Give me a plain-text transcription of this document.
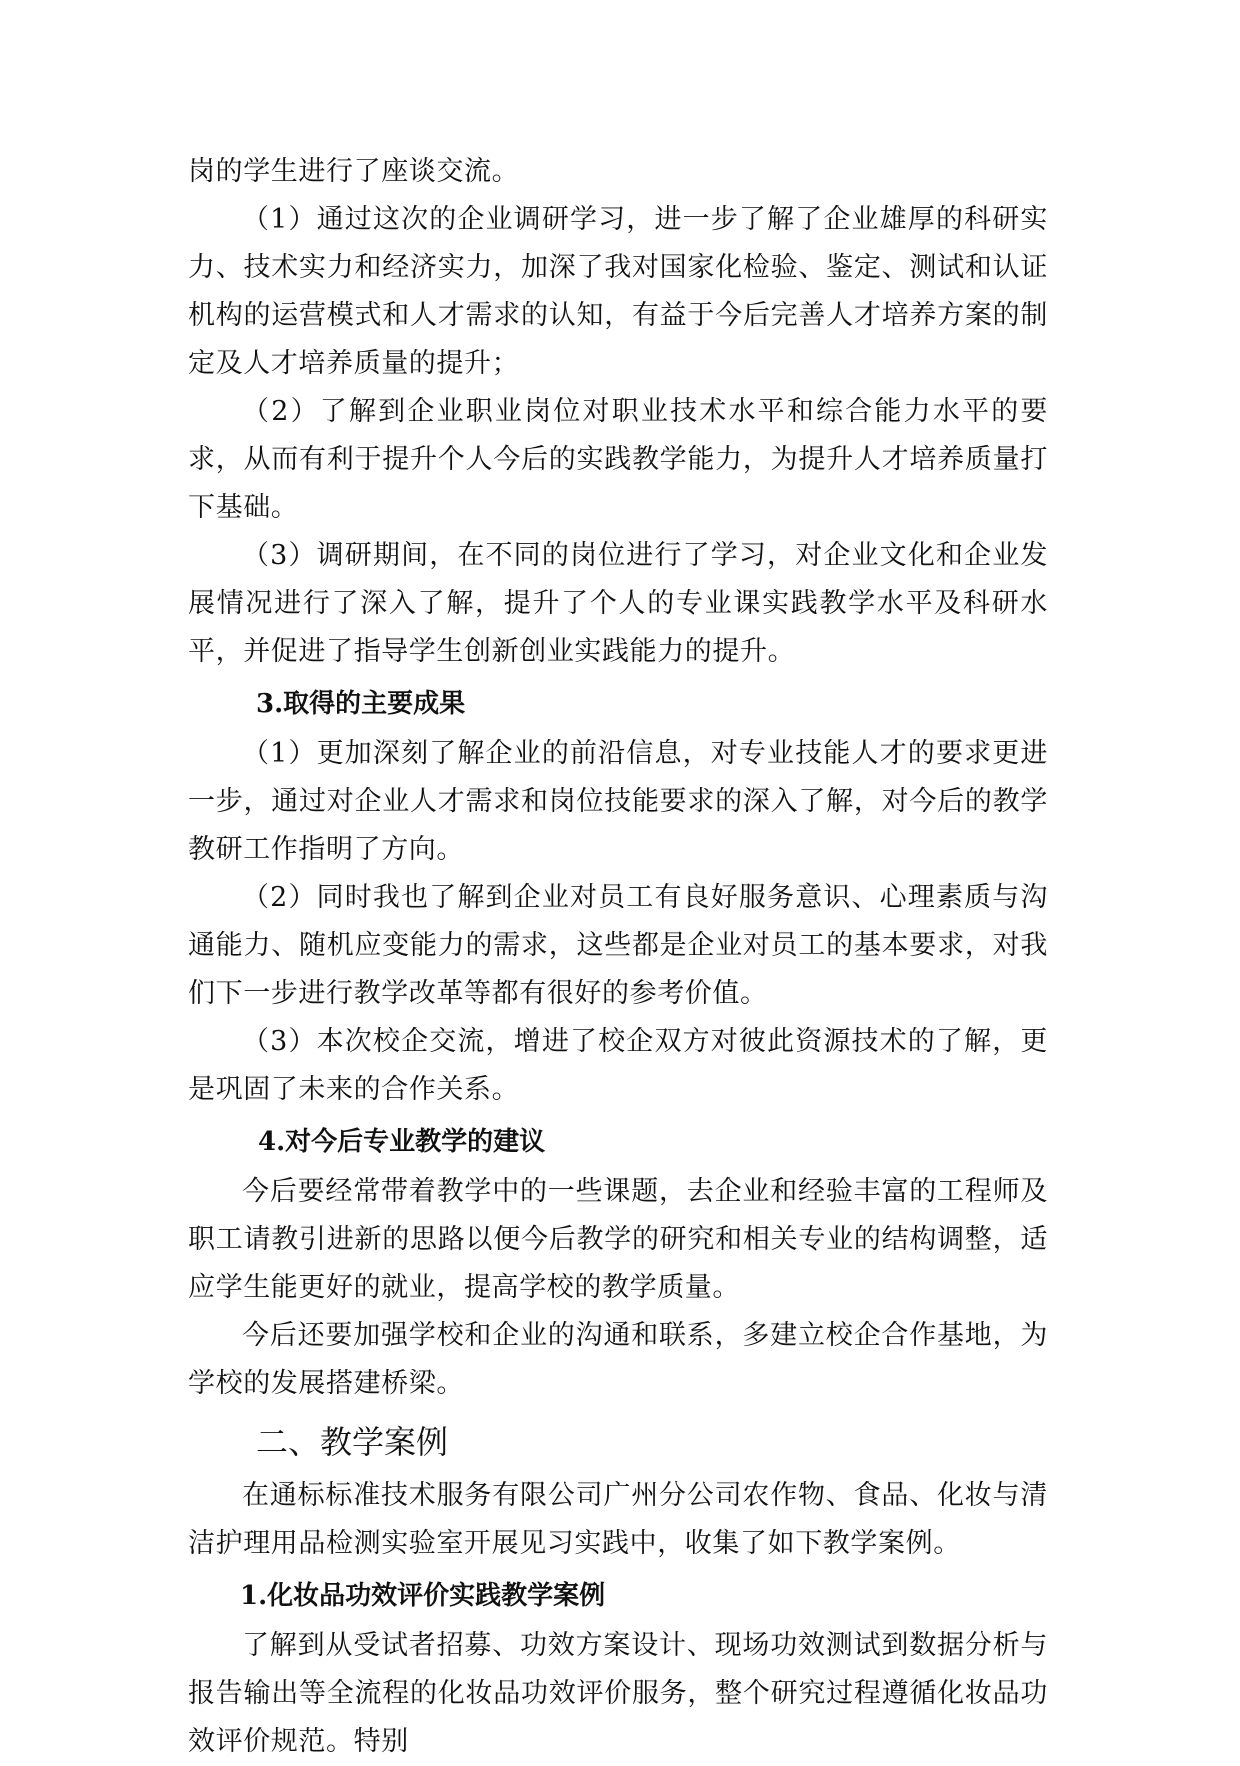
岗的学生进行了座谈交流。

（1）通过这次的企业调研学习，进一步了解了企业雄厚的科研实力、技术实力和经济实力，加深了我对国家化检验、鉴定、测试和认证机构的运营模式和人才需求的认知，有益于今后完善人才培养方案的制定及人才培养质量的提升；

（2）了解到企业职业岗位对职业技术水平和综合能力水平的要求，从而有利于提升个人今后的实践教学能力，为提升人才培养质量打下基础。

（3）调研期间，在不同的岗位进行了学习，对企业文化和企业发展情况进行了深入了解，提升了个人的专业课实践教学水平及科研水平，并促进了指导学生创新创业实践能力的提升。

3.取得的主要成果

（1）更加深刻了解企业的前沿信息，对专业技能人才的要求更进一步，通过对企业人才需求和岗位技能要求的深入了解，对今后的教学教研工作指明了方向。

（2）同时我也了解到企业对员工有良好服务意识、心理素质与沟通能力、随机应变能力的需求，这些都是企业对员工的基本要求，对我们下一步进行教学改革等都有很好的参考价值。

（3）本次校企交流，增进了校企双方对彼此资源技术的了解，更是巩固了未来的合作关系。

4.对今后专业教学的建议

今后要经常带着教学中的一些课题，去企业和经验丰富的工程师及职工请教引进新的思路以便今后教学的研究和相关专业的结构调整，适应学生能更好的就业，提高学校的教学质量。

今后还要加强学校和企业的沟通和联系，多建立校企合作基地，为学校的发展搭建桥梁。

二、教学案例

在通标标准技术服务有限公司广州分公司农作物、食品、化妆与清洁护理用品检测实验室开展见习实践中，收集了如下教学案例。

1.化妆品功效评价实践教学案例

了解到从受试者招募、功效方案设计、现场功效测试到数据分析与报告输出等全流程的化妆品功效评价服务，整个研究过程遵循化妆品功效评价规范。特别
